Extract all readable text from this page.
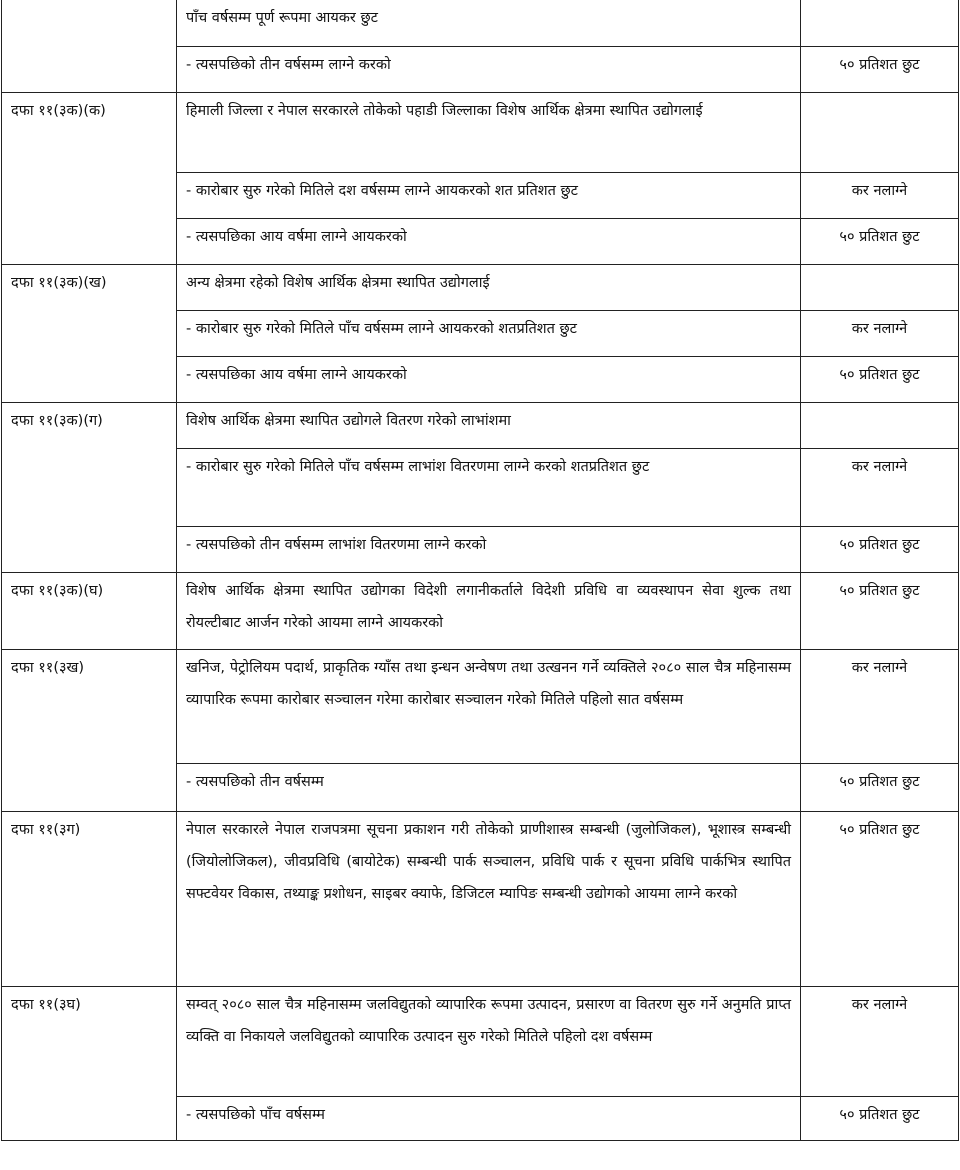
	पाँच वर्षसम्म पूर्ण रूपमा आयकर छुट	
	- त्यसपछिको तीन वर्षसम्म लाग्ने करको	५० प्रतिशत छुट
दफा ११(३क)(क)	हिमाली जिल्ला र नेपाल सरकारले तोकेको पहाडी जिल्लाका विशेष आर्थिक क्षेत्रमा स्थापित उद्योगलाई	
	- कारोबार सुरु गरेको मितिले दश वर्षसम्म लाग्ने आयकरको शत प्रतिशत छुट	कर नलाग्ने
	- त्यसपछिका आय वर्षमा लाग्ने आयकरको	५० प्रतिशत छुट
दफा ११(३क)(ख)	अन्य क्षेत्रमा रहेको विशेष आर्थिक क्षेत्रमा स्थापित उद्योगलाई	
	- कारोबार सुरु गरेको मितिले पाँच वर्षसम्म लाग्ने आयकरको शतप्रतिशत छुट	कर नलाग्ने
	- त्यसपछिका आय वर्षमा लाग्ने आयकरको	५० प्रतिशत छुट
दफा ११(३क)(ग)	विशेष आर्थिक क्षेत्रमा स्थापित उद्योगले वितरण गरेको लाभांशमा	
	- कारोबार सुरु गरेको मितिले पाँच वर्षसम्म लाभांश वितरणमा लाग्ने करको शतप्रतिशत छुट	कर नलाग्ने
	- त्यसपछिको तीन वर्षसम्म लाभांश वितरणमा लाग्ने करको	५० प्रतिशत छुट
दफा ११(३क)(घ)	विशेष आर्थिक क्षेत्रमा स्थापित उद्योगका विदेशी लगानीकर्ताले विदेशी प्रविधि वा व्यवस्थापन सेवा शुल्क तथा रोयल्टीबाट आर्जन गरेको आयमा लाग्ने आयकरको	५० प्रतिशत छुट
दफा ११(३ख)	खनिज, पेट्रोलियम पदार्थ, प्राकृतिक ग्याँस तथा इन्धन अन्वेषण तथा उत्खनन गर्ने व्यक्तिले २०८० साल चैत्र महिनासम्म व्यापारिक रूपमा कारोबार सञ्चालन गरेमा कारोबार सञ्चालन गरेको मितिले पहिलो सात वर्षसम्म	कर नलाग्ने
	- त्यसपछिको तीन वर्षसम्म	५० प्रतिशत छुट
दफा ११(३ग)	नेपाल सरकारले नेपाल राजपत्रमा सूचना प्रकाशन गरी तोकेको प्राणीशास्त्र सम्बन्धी (जुलोजिकल), भूशास्त्र सम्बन्धी (जियोलोजिकल), जीवप्रविधि (बायोटेक) सम्बन्धी पार्क सञ्चालन, प्रविधि पार्क र सूचना प्रविधि पार्कभित्र स्थापित सफ्टवेयर विकास, तथ्याङ्क प्रशोधन, साइबर क्याफे, डिजिटल म्यापिङ सम्बन्धी उद्योगको आयमा लाग्ने करको	५० प्रतिशत छुट
दफा ११(३घ)	सम्वत् २०८० साल चैत्र महिनासम्म जलविद्युतको व्यापारिक रूपमा उत्पादन, प्रसारण वा वितरण सुरु गर्ने अनुमति प्राप्त व्यक्ति वा निकायले जलविद्युतको व्यापारिक उत्पादन सुरु गरेको मितिले पहिलो दश वर्षसम्म	कर नलाग्ने
	- त्यसपछिको पाँच वर्षसम्म	५० प्रतिशत छुट
